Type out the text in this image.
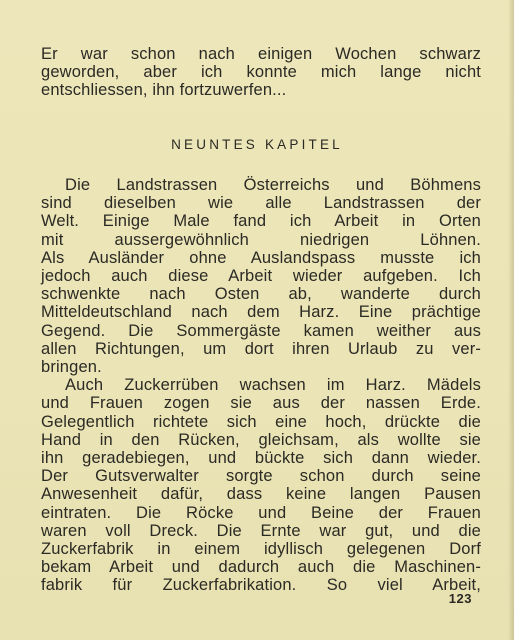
Er war schon nach einigen Wochen schwarz
geworden, aber ich konnte mich lange nicht
entschliessen, ihn fortzuwerfen...
NEUNTES KAPITEL
Die Landstrassen Österreichs und Böhmens
sind dieselben wie alle Landstrassen der
Welt. Einige Male fand ich Arbeit in Orten
mit aussergewöhnlich niedrigen Löhnen.
Als Ausländer ohne Auslandspass musste ich
jedoch auch diese Arbeit wieder aufgeben. Ich
schwenkte nach Osten ab, wanderte durch
Mitteldeutschland nach dem Harz. Eine prächtige
Gegend. Die Sommergäste kamen weither aus
allen Richtungen, um dort ihren Urlaub zu ver-
bringen.
Auch Zuckerrüben wachsen im Harz. Mädels
und Frauen zogen sie aus der nassen Erde.
Gelegentlich richtete sich eine hoch, drückte die
Hand in den Rücken, gleichsam, als wollte sie
ihn geradebiegen, und bückte sich dann wieder.
Der Gutsverwalter sorgte schon durch seine
Anwesenheit dafür, dass keine langen Pausen
eintraten. Die Röcke und Beine der Frauen
waren voll Dreck. Die Ernte war gut, und die
Zuckerfabrik in einem idyllisch gelegenen Dorf
bekam Arbeit und dadurch auch die Maschinen-
fabrik für Zuckerfabrikation. So viel Arbeit,
123
